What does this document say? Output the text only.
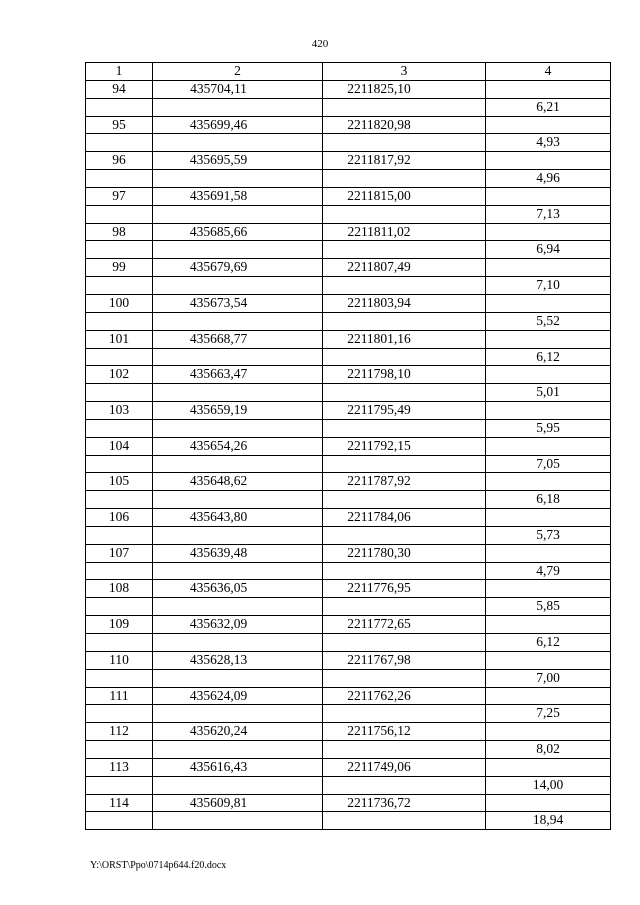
420
1	2	3	4
94	435704,11	2211825,10	
			6,21
95	435699,46	2211820,98	
			4,93
96	435695,59	2211817,92	
			4,96
97	435691,58	2211815,00	
			7,13
98	435685,66	2211811,02	
			6,94
99	435679,69	2211807,49	
			7,10
100	435673,54	2211803,94	
			5,52
101	435668,77	2211801,16	
			6,12
102	435663,47	2211798,10	
			5,01
103	435659,19	2211795,49	
			5,95
104	435654,26	2211792,15	
			7,05
105	435648,62	2211787,92	
			6,18
106	435643,80	2211784,06	
			5,73
107	435639,48	2211780,30	
			4,79
108	435636,05	2211776,95	
			5,85
109	435632,09	2211772,65	
			6,12
110	435628,13	2211767,98	
			7,00
111	435624,09	2211762,26	
			7,25
112	435620,24	2211756,12	
			8,02
113	435616,43	2211749,06	
			14,00
114	435609,81	2211736,72	
			18,94
Y:\ORST\Ppo\0714p644.f20.docx
